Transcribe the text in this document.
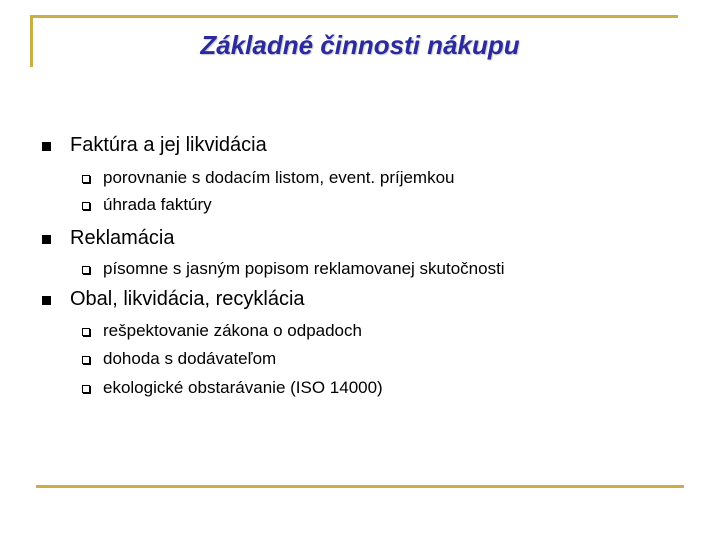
Základné činnosti nákupu
Faktúra a jej likvidácia
porovnanie s dodacím listom, event. príjemkou
úhrada faktúry
Reklamácia
písomne s jasným popisom reklamovanej skutočnosti
Obal, likvidácia, recyklácia
rešpektovanie zákona o odpadoch
dohoda s dodávateľom
ekologické obstarávanie (ISO 14000)
